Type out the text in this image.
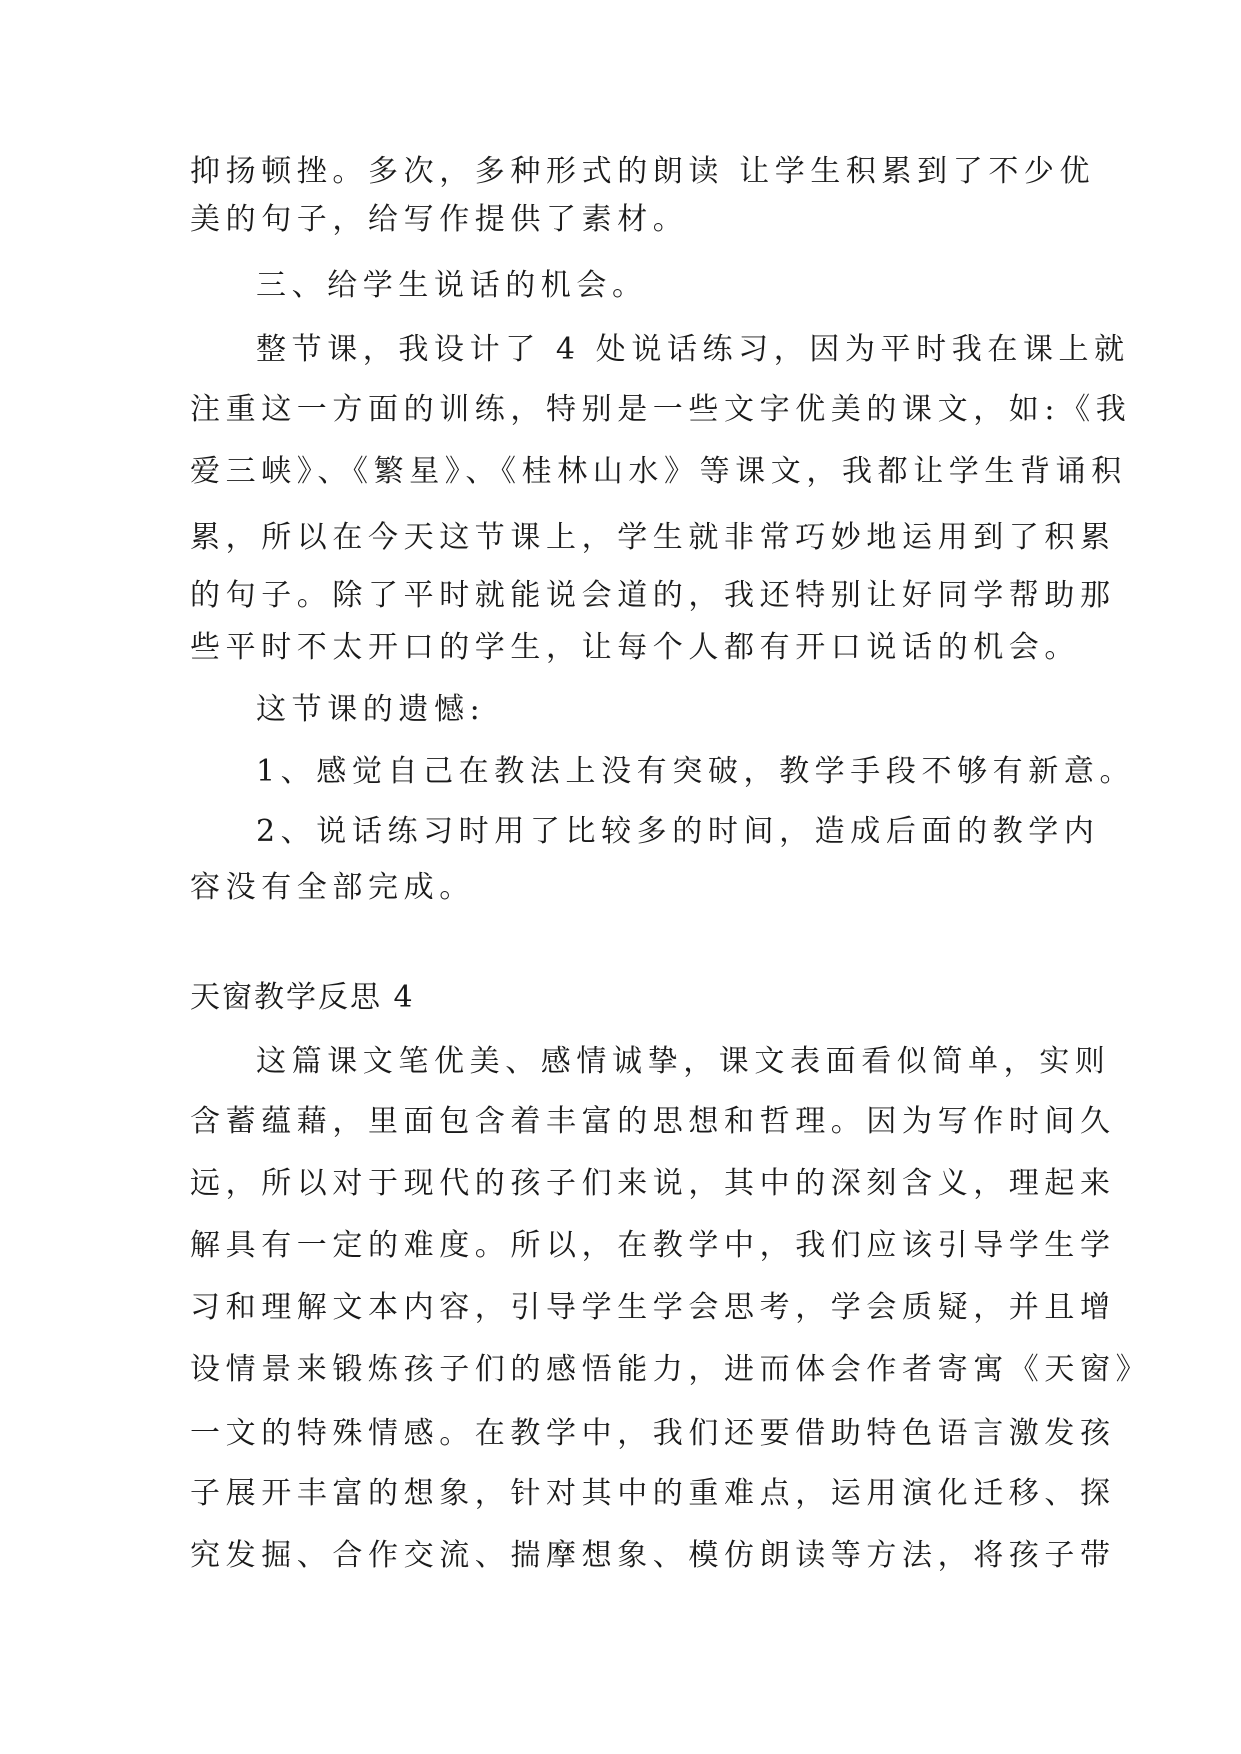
抑扬顿挫。多次，多种形式的朗读 让学生积累到了不少优

美的句子，给写作提供了素材。

三、给学生说话的机会。

整节课，我设计了 4 处说话练习，因为平时我在课上就

注重这一方面的训练，特别是一些文字优美的课文，如:《我

爱三峡》、《繁星》、《桂林山水》等课文，我都让学生背诵积

累，所以在今天这节课上，学生就非常巧妙地运用到了积累

的句子。除了平时就能说会道的，我还特别让好同学帮助那

些平时不太开口的学生，让每个人都有开口说话的机会。

这节课的遗憾:

1、感觉自己在教法上没有突破，教学手段不够有新意。

2、说话练习时用了比较多的时间，造成后面的教学内

容没有全部完成。

天窗教学反思 4

这篇课文笔优美、感情诚挚，课文表面看似简单，实则

含蓄蕴藉，里面包含着丰富的思想和哲理。因为写作时间久

远，所以对于现代的孩子们来说，其中的深刻含义，理起来

解具有一定的难度。所以，在教学中，我们应该引导学生学

习和理解文本内容，引导学生学会思考，学会质疑，并且增

设情景来锻炼孩子们的感悟能力，进而体会作者寄寓《天窗》

一文的特殊情感。在教学中，我们还要借助特色语言激发孩

子展开丰富的想象，针对其中的重难点，运用演化迁移、探

究发掘、合作交流、揣摩想象、模仿朗读等方法，将孩子带
